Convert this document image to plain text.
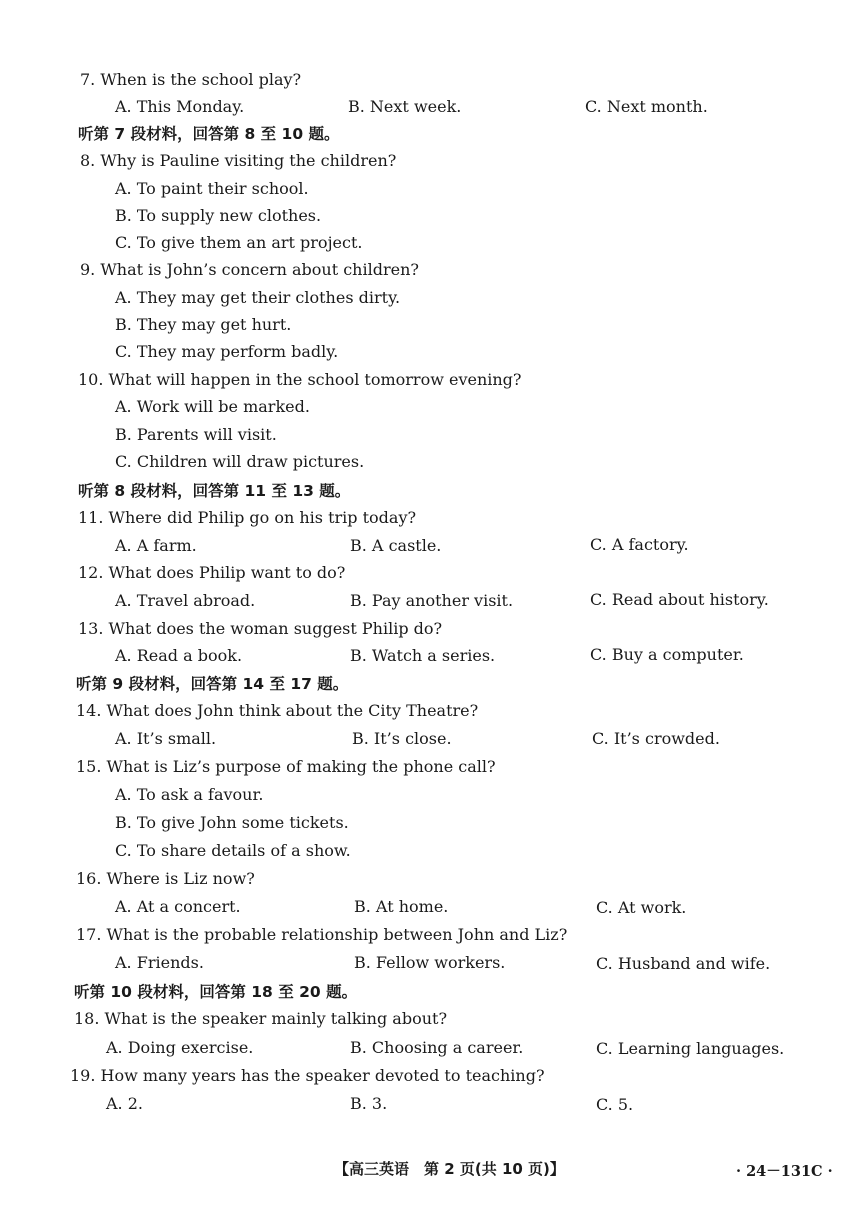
7. When is the school play?
A. This Monday.	B. Next week.	C. Next month.
听第 7 段材料，回答第 8 至 10 题。
8. Why is Pauline visiting the children?
A. To paint their school.
B. To supply new clothes.
C. To give them an art project.
9. What is John’s concern about children?
A. They may get their clothes dirty.
B. They may get hurt.
C. They may perform badly.
10. What will happen in the school tomorrow evening?
A. Work will be marked.
B. Parents will visit.
C. Children will draw pictures.
听第 8 段材料，回答第 11 至 13 题。
11. Where did Philip go on his trip today?
A. A farm.	B. A castle.	C. A factory.
12. What does Philip want to do?
A. Travel abroad.	B. Pay another visit.	C. Read about history.
13. What does the woman suggest Philip do?
A. Read a book.	B. Watch a series.	C. Buy a computer.
听第 9 段材料，回答第 14 至 17 题。
14. What does John think about the City Theatre?
A. It’s small.	B. It’s close.	C. It’s crowded.
15. What is Liz’s purpose of making the phone call?
A. To ask a favour.
B. To give John some tickets.
C. To share details of a show.
16. Where is Liz now?
A. At a concert.	B. At home.	C. At work.
17. What is the probable relationship between John and Liz?
A. Friends.	B. Fellow workers.	C. Husband and wife.
听第 10 段材料，回答第 18 至 20 题。
18. What is the speaker mainly talking about?
A. Doing exercise.	B. Choosing a career.	C. Learning languages.
19. How many years has the speaker devoted to teaching?
A. 2.	B. 3.	C. 5.
【高三英语　第 2 页(共 10 页)】	· 24－131C ·
